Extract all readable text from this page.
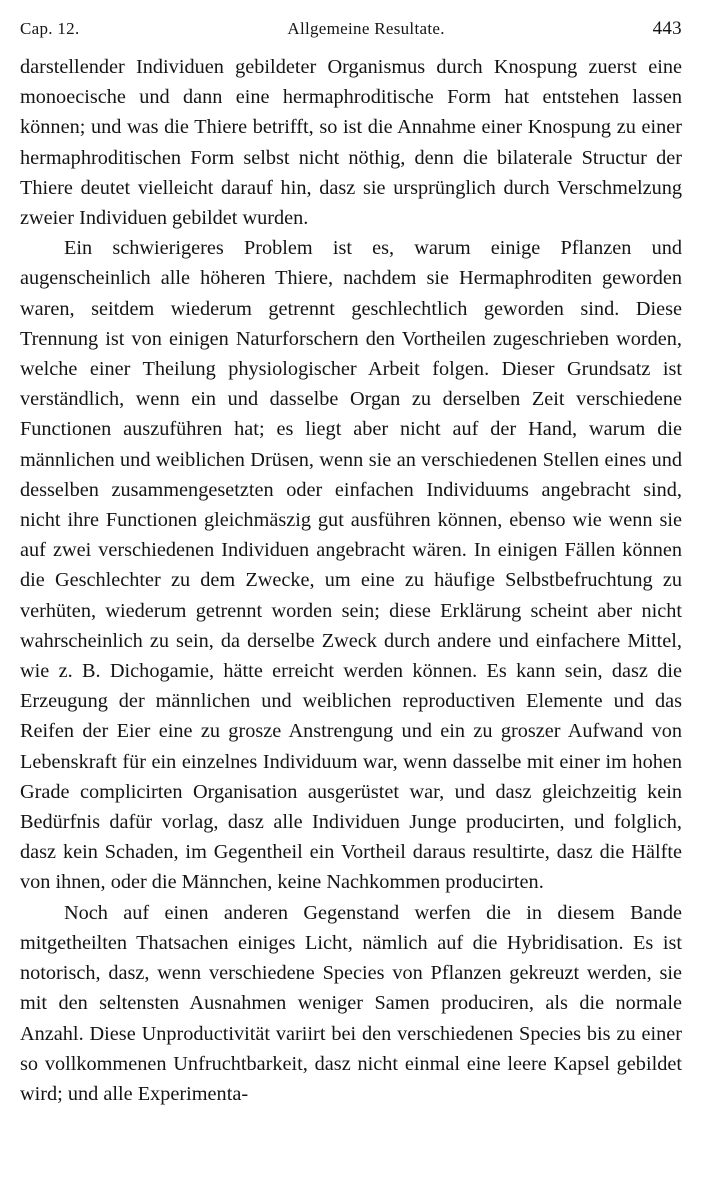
Cap. 12.	Allgemeine Resultate.	443

darstellender Individuen gebildeter Organismus durch Knospung zuerst eine monoecische und dann eine hermaphroditische Form hat entstehen lassen können; und was die Thiere betrifft, so ist die Annahme einer Knospung zu einer hermaphroditischen Form selbst nicht nöthig, denn die bilaterale Structur der Thiere deutet vielleicht darauf hin, dasz sie ursprünglich durch Verschmelzung zweier Individuen gebildet wurden.

Ein schwierigeres Problem ist es, warum einige Pflanzen und augenscheinlich alle höheren Thiere, nachdem sie Hermaphroditen geworden waren, seitdem wiederum getrennt geschlechtlich geworden sind. Diese Trennung ist von einigen Naturforschern den Vortheilen zugeschrieben worden, welche einer Theilung physiologischer Arbeit folgen. Dieser Grundsatz ist verständlich, wenn ein und dasselbe Organ zu derselben Zeit verschiedene Functionen auszuführen hat; es liegt aber nicht auf der Hand, warum die männlichen und weiblichen Drüsen, wenn sie an verschiedenen Stellen eines und desselben zusammengesetzten oder einfachen Individuums angebracht sind, nicht ihre Functionen gleichmäszig gut ausführen können, ebenso wie wenn sie auf zwei verschiedenen Individuen angebracht wären. In einigen Fällen können die Geschlechter zu dem Zwecke, um eine zu häufige Selbstbefruchtung zu verhüten, wiederum getrennt worden sein; diese Erklärung scheint aber nicht wahrscheinlich zu sein, da derselbe Zweck durch andere und einfachere Mittel, wie z. B. Dichogamie, hätte erreicht werden können. Es kann sein, dasz die Erzeugung der männlichen und weiblichen reproductiven Elemente und das Reifen der Eier eine zu grosze Anstrengung und ein zu groszer Aufwand von Lebenskraft für ein einzelnes Individuum war, wenn dasselbe mit einer im hohen Grade complicirten Organisation ausgerüstet war, und dasz gleichzeitig kein Bedürfnis dafür vorlag, dasz alle Individuen Junge producirten, und folglich, dasz kein Schaden, im Gegentheil ein Vortheil daraus resultirte, dasz die Hälfte von ihnen, oder die Männchen, keine Nachkommen producirten.

Noch auf einen anderen Gegenstand werfen die in diesem Bande mitgetheilten Thatsachen einiges Licht, nämlich auf die Hybridisation. Es ist notorisch, dasz, wenn verschiedene Species von Pflanzen gekreuzt werden, sie mit den seltensten Ausnahmen weniger Samen produciren, als die normale Anzahl. Diese Unproductivität variirt bei den verschiedenen Species bis zu einer so vollkommenen Unfruchtbarkeit, dasz nicht einmal eine leere Kapsel gebildet wird; und alle Experimenta-
